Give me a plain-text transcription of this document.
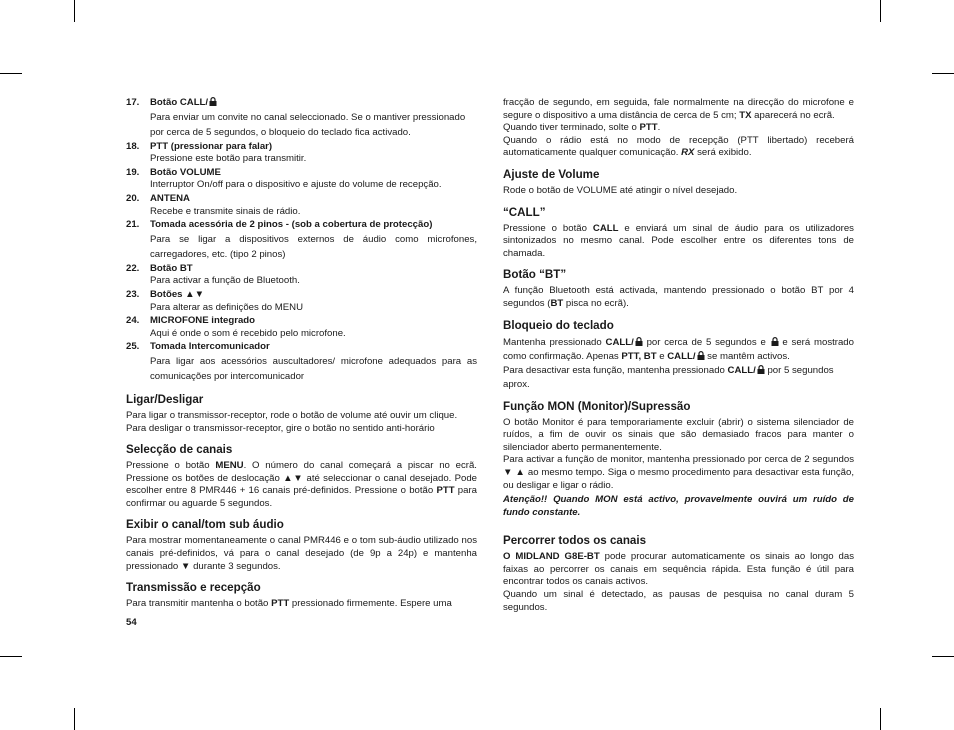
17. Botão CALL/
Para enviar um convite no canal seleccionado. Se o mantiver pressionado por cerca de 5 segundos, o bloqueio do teclado fica activado.
18. PTT (pressionar para falar)
Pressione este botão para transmitir.
19. Botão VOLUME
Interruptor On/off para o dispositivo e ajuste do volume de recepção.
20. ANTENA
Recebe e transmite sinais de rádio.
21. Tomada acessória de 2 pinos - (sob a cobertura de protecção)
Para se ligar a dispositivos externos de áudio como microfones, carregadores, etc. (tipo 2 pinos)
22. Botão BT
Para activar a função de Bluetooth.
23. Botões ▲▼
Para alterar as definições do MENU
24. MICROFONE integrado
Aqui é onde o som é recebido pelo microfone.
25. Tomada Intercomunicador
Para ligar aos acessórios auscultadores/ microfone adequados para as comunicações por intercomunicador
Ligar/Desligar
Para ligar o transmissor-receptor, rode o botão de volume até ouvir um clique.
Para desligar o transmissor-receptor, gire o botão no sentido anti-horário
Selecção de canais
Pressione o botão MENU. O número do canal começará a piscar no ecrã. Pressione os botões de deslocação ▲▼ até seleccionar o canal desejado. Pode escolher entre 8 PMR446 + 16 canais pré-definidos. Pressione o botão PTT para confirmar ou aguarde 5 segundos.
Exibir o canal/tom sub áudio
Para mostrar momentaneamente o canal PMR446 e o tom sub-áudio utilizado nos canais pré-definidos, vá para o canal desejado (de 9p a 24p) e mantenha pressionado ▼ durante 3 segundos.
Transmissão e recepção
Para transmitir mantenha o botão PTT pressionado firmemente. Espere uma
54
fracção de segundo, em seguida, fale normalmente na direcção do microfone e segure o dispositivo a uma distância de cerca de 5 cm; TX aparecerá no ecrã.
Quando tiver terminado, solte o PTT.
Quando o rádio está no modo de recepção (PTT libertado) receberá automaticamente qualquer comunicação. RX será exibido.
Ajuste de Volume
Rode o botão de VOLUME até atingir o nível desejado.
“CALL”
Pressione o botão CALL e enviará um sinal de áudio para os utilizadores sintonizados no mesmo canal. Pode escolher entre os diferentes tons de chamada.
Botão “BT”
A função Bluetooth está activada, mantendo pressionado o botão BT por 4 segundos (BT pisca no ecrã).
Bloqueio do teclado
Mantenha pressionado CALL/ por cerca de 5 segundos e  e será mostrado como confirmação. Apenas PTT, BT e CALL/ se mantêm activos.
Para desactivar esta função, mantenha pressionado CALL/ por 5 segundos aprox.
Função MON (Monitor)/Supressão
O botão Monitor é para temporariamente excluir (abrir) o sistema silenciador de ruídos, a fim de ouvir os sinais que são demasiado fracos para manter o silenciador aberto permanentemente.
Para activar a função de monitor, mantenha pressionado por cerca de 2 segundos ▼ ▲ ao mesmo tempo. Siga o mesmo procedimento para desactivar esta função, ou desligar e ligar o rádio.
Atenção!! Quando MON está activo, provavelmente ouvirá um ruído de fundo constante.
Percorrer todos os canais
O MIDLAND G8E-BT pode procurar automaticamente os sinais ao longo das faixas ao percorrer os canais em sequência rápida. Esta função é útil para encontrar todos os canais activos.
Quando um sinal é detectado, as pausas de pesquisa no canal duram 5 segundos.
